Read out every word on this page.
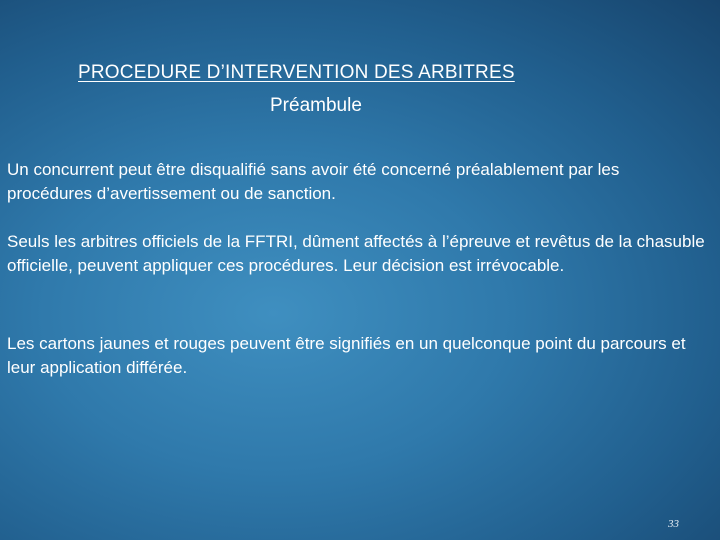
PROCEDURE D’INTERVENTION DES ARBITRES
Préambule

Un concurrent peut être disqualifié sans avoir été concerné préalablement par les procédures d’avertissement ou de sanction.

Seuls les arbitres officiels de la FFTRI, dûment affectés à l’épreuve et revêtus de la chasuble officielle, peuvent appliquer ces procédures. Leur décision est irrévocable.

Les cartons jaunes et rouges peuvent être signifiés en un quelconque point du parcours et leur application différée.

33
